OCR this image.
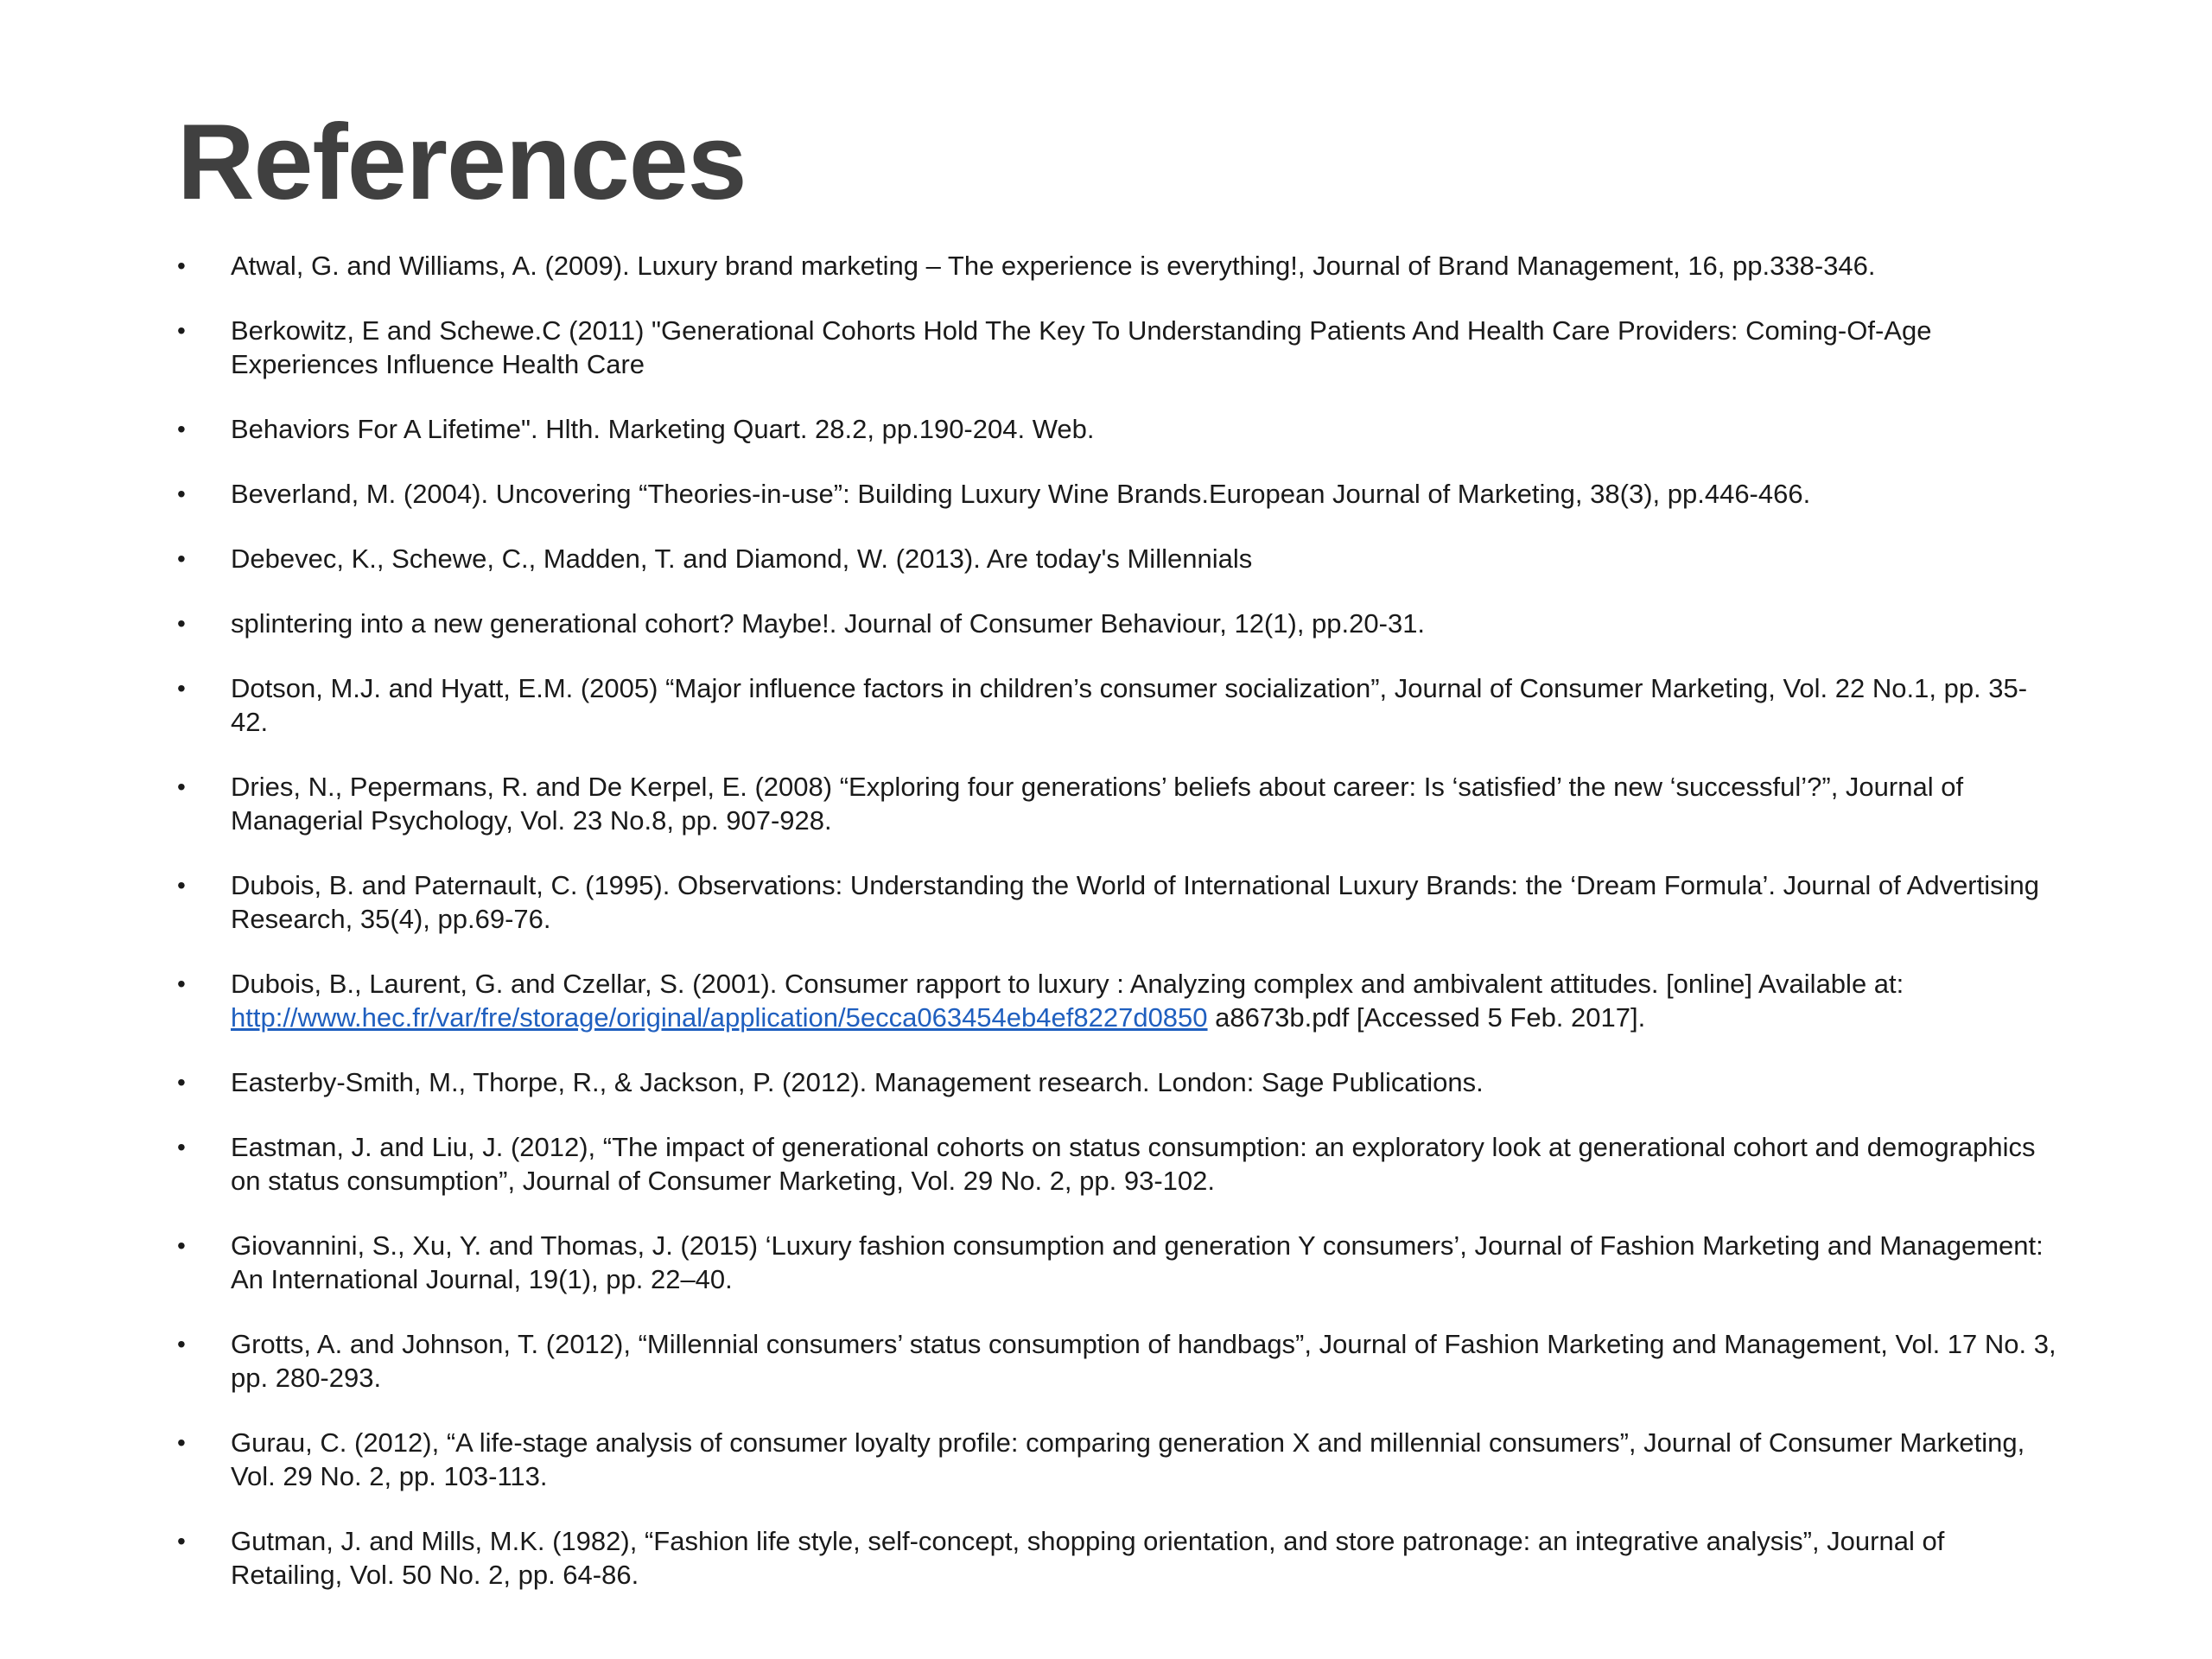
References
•	Atwal, G. and Williams, A. (2009). Luxury brand marketing – The experience is everything!, Journal of Brand Management, 16, pp.338-346.
•	Berkowitz, E and Schewe.C (2011) "Generational Cohorts Hold The Key To Understanding Patients And Health Care Providers: Coming-Of-Age Experiences Influence Health Care
•	Behaviors For A Lifetime". Hlth. Marketing Quart. 28.2, pp.190-204. Web.
•	Beverland, M. (2004). Uncovering “Theories-in-use”: Building Luxury Wine Brands.European Journal of Marketing, 38(3), pp.446-466.
•	Debevec, K., Schewe, C., Madden, T. and Diamond, W. (2013). Are today's Millennials
•	splintering into a new generational cohort? Maybe!. Journal of Consumer Behaviour, 12(1), pp.20-31.
•	Dotson, M.J. and Hyatt, E.M. (2005) “Major influence factors in children’s consumer socialization”, Journal of Consumer Marketing, Vol. 22 No.1, pp. 35-42.
•	Dries, N., Pepermans, R. and De Kerpel, E. (2008) “Exploring four generations’ beliefs about career: Is ‘satisfied’ the new ‘successful’?”, Journal of Managerial Psychology, Vol. 23 No.8, pp. 907-928.
•	Dubois, B. and Paternault, C. (1995). Observations: Understanding the World of International Luxury Brands: the ‘Dream Formula’. Journal of Advertising Research, 35(4), pp.69-76.
•	Dubois, B., Laurent, G. and Czellar, S. (2001). Consumer rapport to luxury : Analyzing complex and ambivalent attitudes. [online] Available at: http://www.hec.fr/var/fre/storage/original/application/5ecca063454eb4ef8227d0850 a8673b.pdf [Accessed 5 Feb. 2017].
•	Easterby-Smith, M., Thorpe, R., & Jackson, P. (2012). Management research. London: Sage Publications.
•	Eastman, J. and Liu, J. (2012), “The impact of generational cohorts on status consumption: an exploratory look at generational cohort and demographics on status consumption”, Journal of Consumer Marketing, Vol. 29 No. 2, pp. 93-102.
•	Giovannini, S., Xu, Y. and Thomas, J. (2015) ‘Luxury fashion consumption and generation Y consumers’, Journal of Fashion Marketing and Management: An International Journal, 19(1), pp. 22–40.
•	Grotts, A. and Johnson, T. (2012), “Millennial consumers’ status consumption of handbags”, Journal of Fashion Marketing and Management, Vol. 17 No. 3, pp. 280-293.
•	Gurau, C. (2012), “A life-stage analysis of consumer loyalty profile: comparing generation X and millennial consumers”, Journal of Consumer Marketing, Vol. 29 No. 2, pp. 103-113.
•	Gutman, J. and Mills, M.K. (1982), “Fashion life style, self-concept, shopping orientation, and store patronage: an integrative analysis”, Journal of Retailing, Vol. 50 No. 2, pp. 64-86.
